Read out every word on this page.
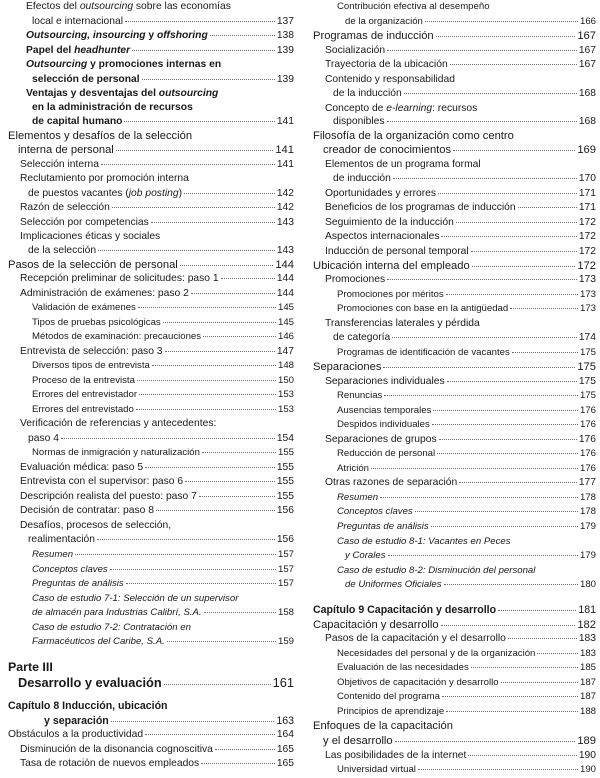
Efectos del outsourcing sobre las economías
local e internacional	137
Outsourcing, insourcing y offshoring	138
Papel del headhunter	139
Outsourcing y promociones internas en
selección de personal	139
Ventajas y desventajas del outsourcing
en la administración de recursos
de capital humano	141
Elementos y desafíos de la selección
interna de personal	141
Selección interna	141
Reclutamiento por promoción interna
de puestos vacantes (job posting)	142
Razón de selección	142
Selección por competencias	143
Implicaciones éticas y sociales
de la selección	143
Pasos de la selección de personal	144
Recepción preliminar de solicitudes: paso 1	144
Administración de exámenes: paso 2	144
Validación de exámenes	145
Tipos de pruebas psicológicas	145
Métodos de examinación: precauciones	146
Entrevista de selección: paso 3	147
Diversos tipos de entrevista	148
Proceso de la entrevista	150
Errores del entrevistador	153
Errores del entrevistado	153
Verificación de referencias y antecedentes:
paso 4	154
Normas de inmigración y naturalización	155
Evaluación médica: paso 5	155
Entrevista con el supervisor: paso 6	155
Descripción realista del puesto: paso 7	155
Decisión de contratar: paso 8	156
Desafíos, procesos de selección,
realimentación	156
Resumen	157
Conceptos claves	157
Preguntas de análisis	157
Caso de estudio 7-1: Selección de un supervisor
de almacén para Industrias Calibrí, S.A.	158
Caso de estudio 7-2: Contratación en
Farmacéuticos del Caribe, S.A.	159
Parte III
Desarrollo y evaluación	161
Capítulo 8 Inducción, ubicación
y separación	163
Obstáculos a la productividad	164
Disminución de la disonancia cognoscitiva	165
Tasa de rotación de nuevos empleados	165
Contribución efectiva al desempeño
de la organización	166
Programas de inducción	167
Socialización	167
Trayectoria de la ubicación	167
Contenido y responsabilidad
de la inducción	168
Concepto de e-learning: recursos
disponibles	168
Filosofía de la organización como centro
creador de conocimientos	169
Elementos de un programa formal
de inducción	170
Oportunidades y errores	171
Beneficios de los programas de inducción	171
Seguimiento de la inducción	172
Aspectos internacionales	172
Inducción de personal temporal	172
Ubicación interna del empleado	172
Promociones	173
Promociones por méritos	173
Promociones con base en la antigüedad	173
Transferencias laterales y pérdida
de categoría	174
Programas de identificación de vacantes	175
Separaciones	175
Separaciones individuales	175
Renuncias	175
Ausencias temporales	176
Despidos individuales	176
Separaciones de grupos	176
Reducción de personal	176
Atrición	176
Otras razones de separación	177
Resumen	178
Conceptos claves	178
Preguntas de análisis	179
Caso de estudio 8-1: Vacantes en Peces
y Corales	179
Caso de estudio 8-2: Disminución del personal
de Uniformes Oficiales	180
Capítulo 9 Capacitación y desarrollo	181
Capacitación y desarrollo	182
Pasos de la capacitación y el desarrollo	183
Necesidades del personal y de la organización	183
Evaluación de las necesidades	185
Objetivos de capacitación y desarrollo	187
Contenido del programa	187
Principios de aprendizaje	188
Enfoques de la capacitación
y el desarrollo	189
Las posibilidades de la internet	190
Universidad virtual	190
